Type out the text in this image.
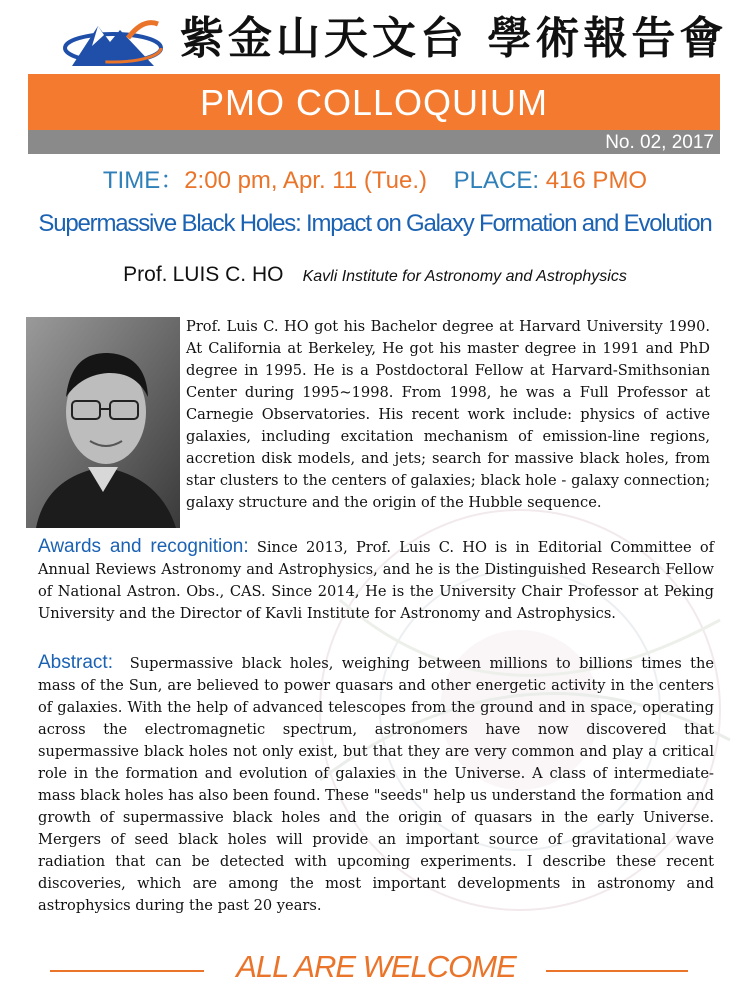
紫金山天文台 學術報告會
PMO COLLOQUIUM
No. 02, 2017
TIME：2:00 pm, Apr. 11 (Tue.) PLACE: 416 PMO
Supermassive Black Holes: Impact on Galaxy Formation and Evolution
Prof. LUIS C. HO Kavli Institute for Astronomy and Astrophysics

Prof. Luis C. HO got his Bachelor degree at Harvard University 1990. At California at Berkeley, He got his master degree in 1991 and PhD degree in 1995. He is a Postdoctoral Fellow at Harvard-Smithsonian Center during 1995~1998. From 1998, he was a Full Professor at Carnegie Observatories. His recent work include: physics of active galaxies, including excitation mechanism of emission-line regions, accretion disk models, and jets; search for massive black holes, from star clusters to the centers of galaxies; black hole - galaxy connection; galaxy structure and the origin of the Hubble sequence.

Awards and recognition: Since 2013, Prof. Luis C. HO is in Editorial Committee of Annual Reviews Astronomy and Astrophysics, and he is the Distinguished Research Fellow of National Astron. Obs., CAS. Since 2014, He is the University Chair Professor at Peking University and the Director of Kavli Institute for Astronomy and Astrophysics.

Abstract: Supermassive black holes, weighing between millions to billions times the mass of the Sun, are believed to power quasars and other energetic activity in the centers of galaxies. With the help of advanced telescopes from the ground and in space, operating across the electromagnetic spectrum, astronomers have now discovered that supermassive black holes not only exist, but that they are very common and play a critical role in the formation and evolution of galaxies in the Universe. A class of intermediate-mass black holes has also been found. These "seeds" help us understand the formation and growth of supermassive black holes and the origin of quasars in the early Universe. Mergers of seed black holes will provide an important source of gravitational wave radiation that can be detected with upcoming experiments. I describe these recent discoveries, which are among the most important developments in astronomy and astrophysics during the past 20 years.

ALL ARE WELCOME
